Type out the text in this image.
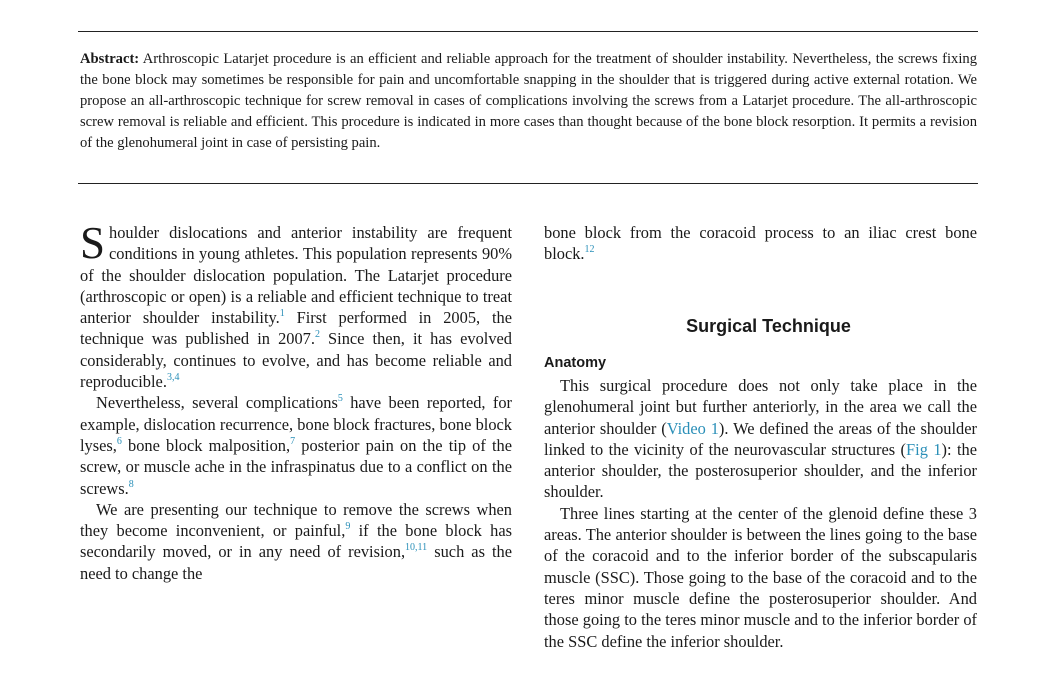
Abstract: Arthroscopic Latarjet procedure is an efficient and reliable approach for the treatment of shoulder instability. Nevertheless, the screws fixing the bone block may sometimes be responsible for pain and uncomfortable snapping in the shoulder that is triggered during active external rotation. We propose an all-arthroscopic technique for screw removal in cases of complications involving the screws from a Latarjet procedure. The all-arthroscopic screw removal is reliable and efficient. This procedure is indicated in more cases than thought because of the bone block resorption. It permits a revision of the glenohumeral joint in case of persisting pain.

Shoulder dislocations and anterior instability are frequent conditions in young athletes. This population represents 90% of the shoulder dislocation population. The Latarjet procedure (arthroscopic or open) is a reliable and efficient technique to treat anterior shoulder instability.$^1$ First performed in 2005, the technique was published in 2007.$^2$ Since then, it has evolved considerably, continues to evolve, and has become reliable and reproducible.$^{3,4}$

Nevertheless, several complications$^5$ have been reported, for example, dislocation recurrence, bone block fractures, bone block lyses,$^6$ bone block malposition,$^7$ posterior pain on the tip of the screw, or muscle ache in the infraspinatus due to a conflict on the screws.$^8$

We are presenting our technique to remove the screws when they become inconvenient, or painful,$^9$ if the bone block has secondarily moved, or in any need of revision,$^{10,11}$ such as the need to change the

bone block from the coracoid process to an iliac crest bone block.$^{12}$

Surgical Technique
Anatomy

This surgical procedure does not only take place in the glenohumeral joint but further anteriorly, in the area we call the anterior shoulder (Video 1). We defined the areas of the shoulder linked to the vicinity of the neurovascular structures (Fig 1): the anterior shoulder, the posterosuperior shoulder, and the inferior shoulder.

Three lines starting at the center of the glenoid define these 3 areas. The anterior shoulder is between the lines going to the base of the coracoid and to the inferior border of the subscapularis muscle (SSC). Those going to the base of the coracoid and to the teres minor muscle define the posterosuperior shoulder. And those going to the teres minor muscle and to the inferior border of the SSC define the inferior shoulder.
